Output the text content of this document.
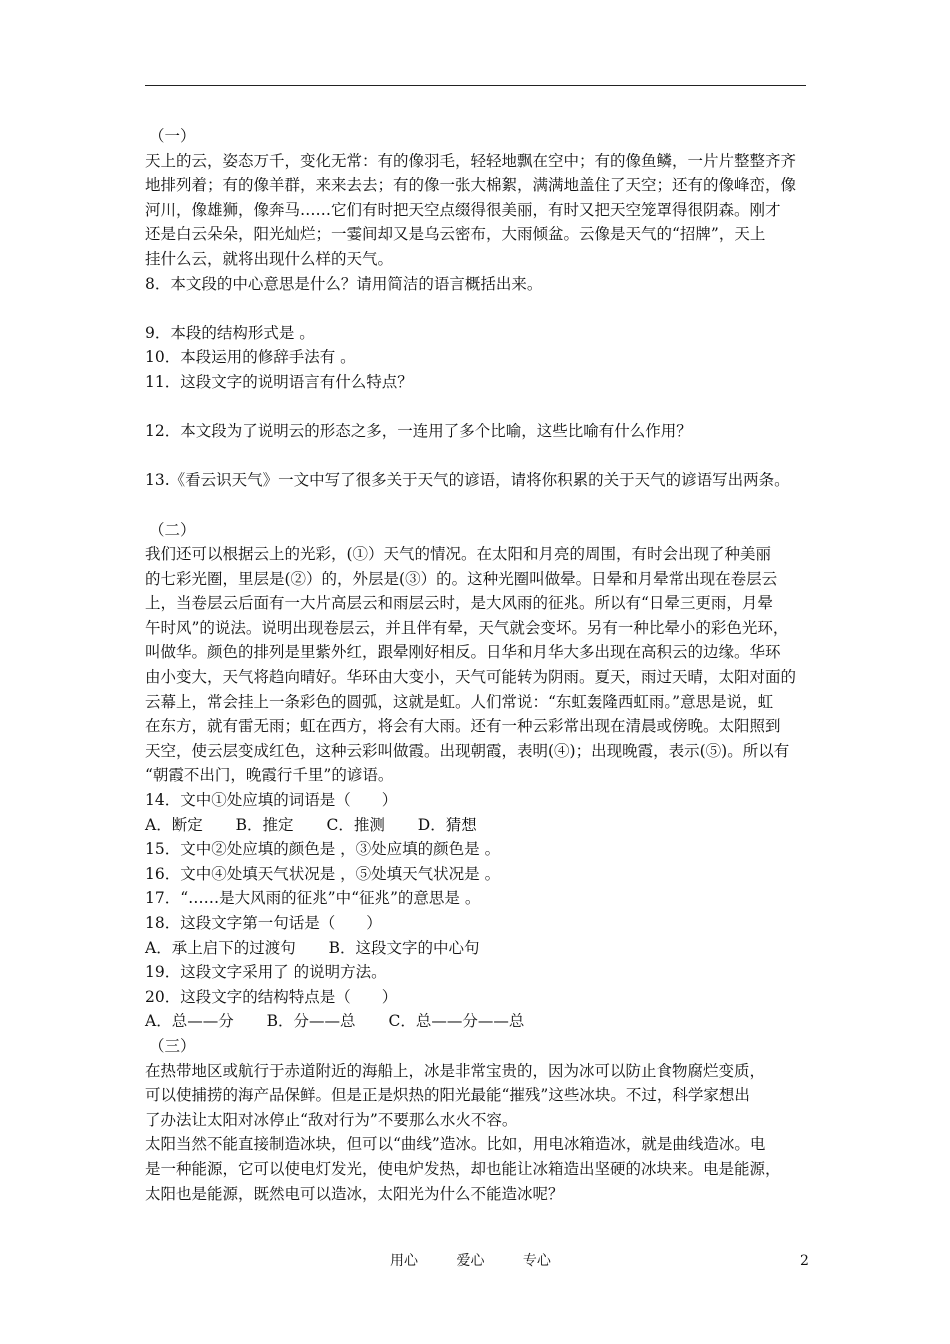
（一）
天上的云，姿态万千，变化无常：有的像羽毛，轻轻地飘在空中；有的像鱼鳞，一片片整整齐齐
地排列着；有的像羊群，来来去去；有的像一张大棉絮，满满地盖住了天空；还有的像峰峦，像
河川，像雄狮，像奔马……它们有时把天空点缀得很美丽，有时又把天空笼罩得很阴森。刚才
还是白云朵朵，阳光灿烂；一霎间却又是乌云密布，大雨倾盆。云像是天气的“招牌”，天上
挂什么云，就将出现什么样的天气。
8．本文段的中心意思是什么？请用简洁的语言概括出来。
9．本段的结构形式是 。
10．本段运用的修辞手法有 。
11．这段文字的说明语言有什么特点？
12．本文段为了说明云的形态之多，一连用了多个比喻，这些比喻有什么作用？
13.《看云识天气》一文中写了很多关于天气的谚语，请将你积累的关于天气的谚语写出两条。
（二）
我们还可以根据云上的光彩，(①）天气的情况。在太阳和月亮的周围，有时会出现了种美丽
的七彩光圈，里层是(②）的，外层是(③）的。这种光圈叫做晕。日晕和月晕常出现在卷层云
上，当卷层云后面有一大片高层云和雨层云时，是大风雨的征兆。所以有“日晕三更雨，月晕
午时风”的说法。说明出现卷层云，并且伴有晕，天气就会变坏。另有一种比晕小的彩色光环，
叫做华。颜色的排列是里紫外红，跟晕刚好相反。日华和月华大多出现在高积云的边缘。华环
由小变大，天气将趋向晴好。华环由大变小，天气可能转为阴雨。夏天，雨过天晴，太阳对面的
云幕上，常会挂上一条彩色的圆弧，这就是虹。人们常说：“东虹轰隆西虹雨。”意思是说，虹
在东方，就有雷无雨；虹在西方，将会有大雨。还有一种云彩常出现在清晨或傍晚。太阳照到
天空，使云层变成红色，这种云彩叫做霞。出现朝霞，表明(④)；出现晚霞，表示(⑤)。所以有
“朝霞不出门，晚霞行千里”的谚语。
14．文中①处应填的词语是（　　）
A．断定 B．推定 C．推测 D．猜想
15．文中②处应填的颜色是 ，③处应填的颜色是 。
16．文中④处填天气状况是 ，⑤处填天气状况是 。
17．“……是大风雨的征兆”中“征兆”的意思是 。
18．这段文字第一句话是（　　）
A．承上启下的过渡句 B．这段文字的中心句
19．这段文字采用了 的说明方法。
20．这段文字的结构特点是（　　）
A．总——分 B．分——总 C．总——分——总
（三）
在热带地区或航行于赤道附近的海船上，冰是非常宝贵的，因为冰可以防止食物腐烂变质，
可以使捕捞的海产品保鲜。但是正是炽热的阳光最能“摧残”这些冰块。不过，科学家想出
了办法让太阳对冰停止“敌对行为”不要那么水火不容。
太阳当然不能直接制造冰块，但可以“曲线”造冰。比如，用电冰箱造冰，就是曲线造冰。电
是一种能源，它可以使电灯发光，使电炉发热，却也能让冰箱造出坚硬的冰块来。电是能源，
太阳也是能源，既然电可以造冰，太阳光为什么不能造冰呢？
用心	爱心	专心	2
